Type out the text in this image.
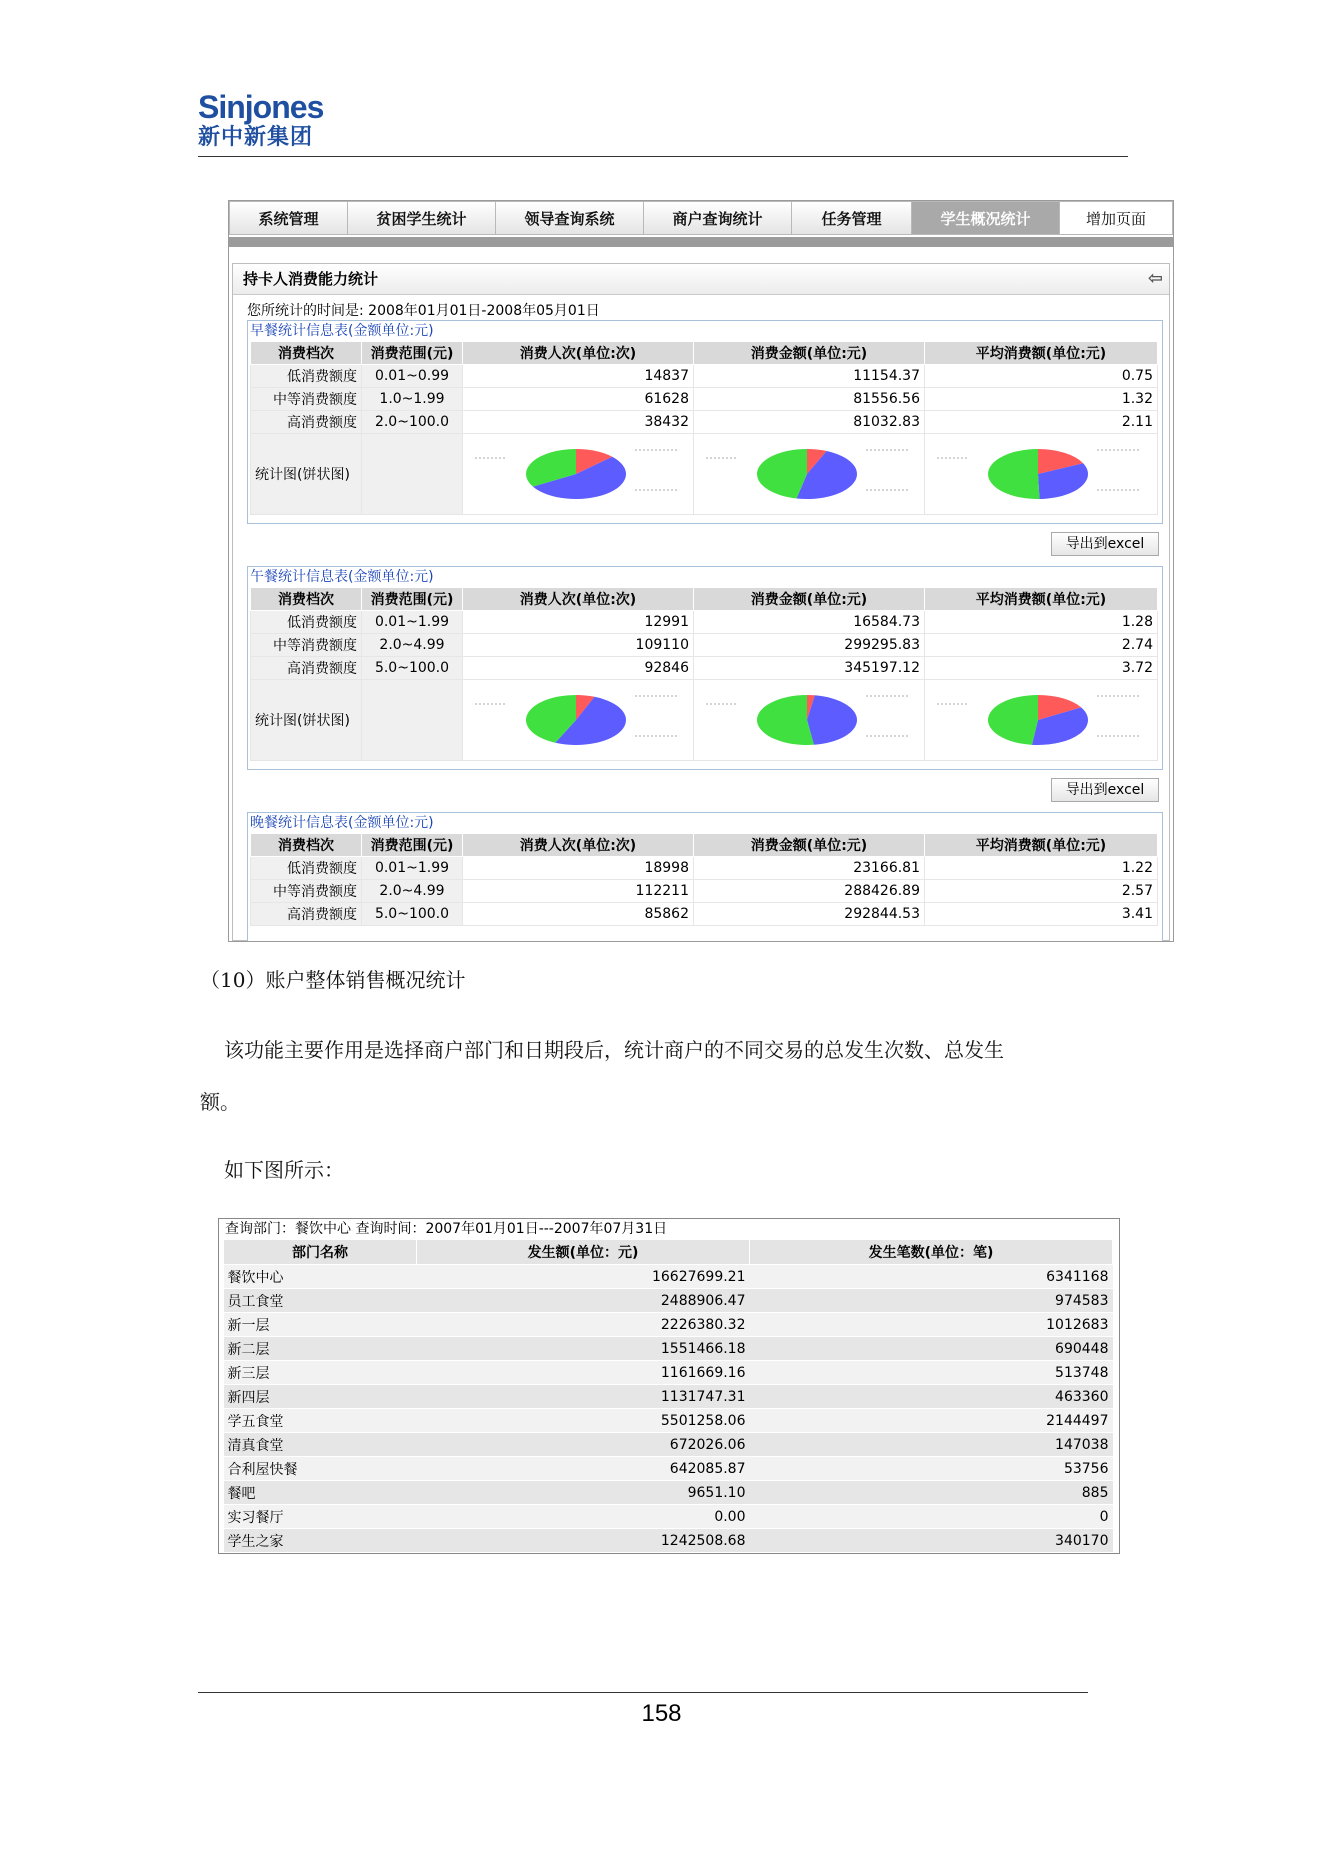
Sinjones
新中新集团
系统管理	贫困学生统计	领导查询系统	商户查询统计	任务管理	学生概况统计	增加页面
持卡人消费能力统计	⇦
您所统计的时间是: 2008年01月01日-2008年05月01日
早餐统计信息表(金额单位:元)
消费档次	消费范围(元)	消费人次(单位:次)	消费金额(单位:元)	平均消费额(单位:元)
低消费额度	0.01~0.99	14837	11154.37	0.75
中等消费额度	1.0~1.99	61628	81556.56	1.32
高消费额度	2.0~100.0	38432	81032.83	2.11
统计图(饼状图)		

导出到excel
午餐统计信息表(金额单位:元)
消费档次	消费范围(元)	消费人次(单位:次)	消费金额(单位:元)	平均消费额(单位:元)
低消费额度	0.01~1.99	12991	16584.73	1.28
中等消费额度	2.0~4.99	109110	299295.83	2.74
高消费额度	5.0~100.0	92846	345197.12	3.72
统计图(饼状图)		

导出到excel
晚餐统计信息表(金额单位:元)
消费档次	消费范围(元)	消费人次(单位:次)	消费金额(单位:元)	平均消费额(单位:元)
低消费额度	0.01~1.99	18998	23166.81	1.22
中等消费额度	2.0~4.99	112211	288426.89	2.57
高消费额度	5.0~100.0	85862	292844.53	3.41
（10）账户整体销售概况统计
该功能主要作用是选择商户部门和日期段后，统计商户的不同交易的总发生次数、总发生
额。
如下图所示：
查询部门：餐饮中心 查询时间：2007年01月01日---2007年07月31日
部门名称	发生额(单位：元)	发生笔数(单位：笔)
餐饮中心	16627699.21	6341168
员工食堂	2488906.47	974583
新一层	2226380.32	1012683
新二层	1551466.18	690448
新三层	1161669.16	513748
新四层	1131747.31	463360
学五食堂	5501258.06	2144497
清真食堂	672026.06	147038
合利屋快餐	642085.87	53756
餐吧	9651.10	885
实习餐厅	0.00	0
学生之家	1242508.68	340170
158
